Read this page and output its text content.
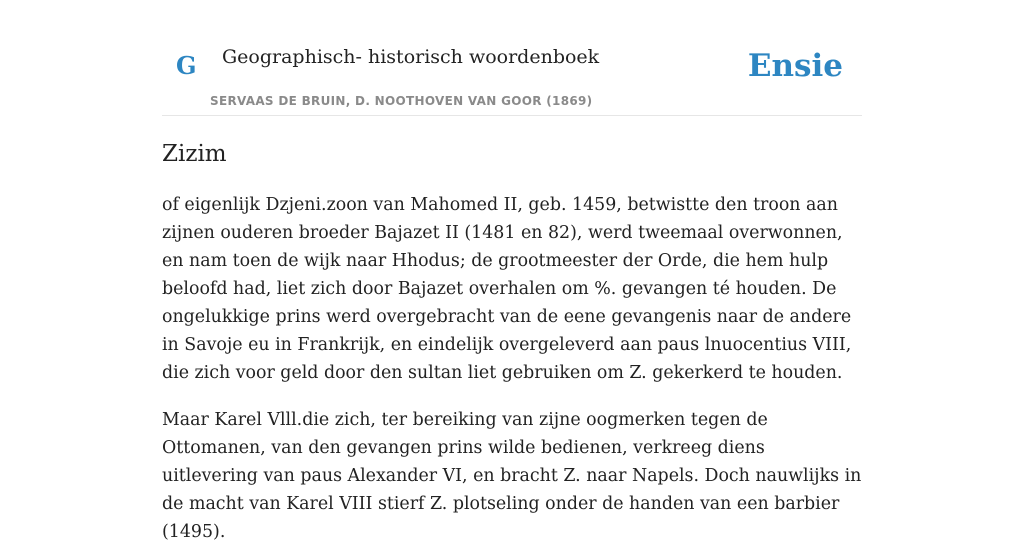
G Geographisch- historisch woordenboek
SERVAAS DE BRUIN, D. NOOTHOVEN VAN GOOR (1869)
Ensie
Zizim

of eigenlijk Dzjeni.zoon van Mahomed II, geb. 1459, betwistte den troon aan zijnen ouderen broeder Bajazet II (1481 en 82), werd tweemaal overwonnen, en nam toen de wijk naar Hhodus; de grootmeester der Orde, die hem hulp beloofd had, liet zich door Bajazet overhalen om %. gevangen té houden. De ongelukkige prins werd overgebracht van de eene gevangenis naar de andere in Savoje eu in Frankrijk, en eindelijk overgeleverd aan paus lnuocentius VIII, die zich voor geld door den sultan liet gebruiken om Z. gekerkerd te houden.

Maar Karel Vlll.die zich, ter bereiking van zijne oogmerken tegen de Ottomanen, van den gevangen prins wilde bedienen, verkreeg diens uitlevering van paus Alexander VI, en bracht Z. naar Napels. Doch nauwlijks in de macht van Karel VIII stierf Z. plotseling onder de handen van een barbier (1495).
